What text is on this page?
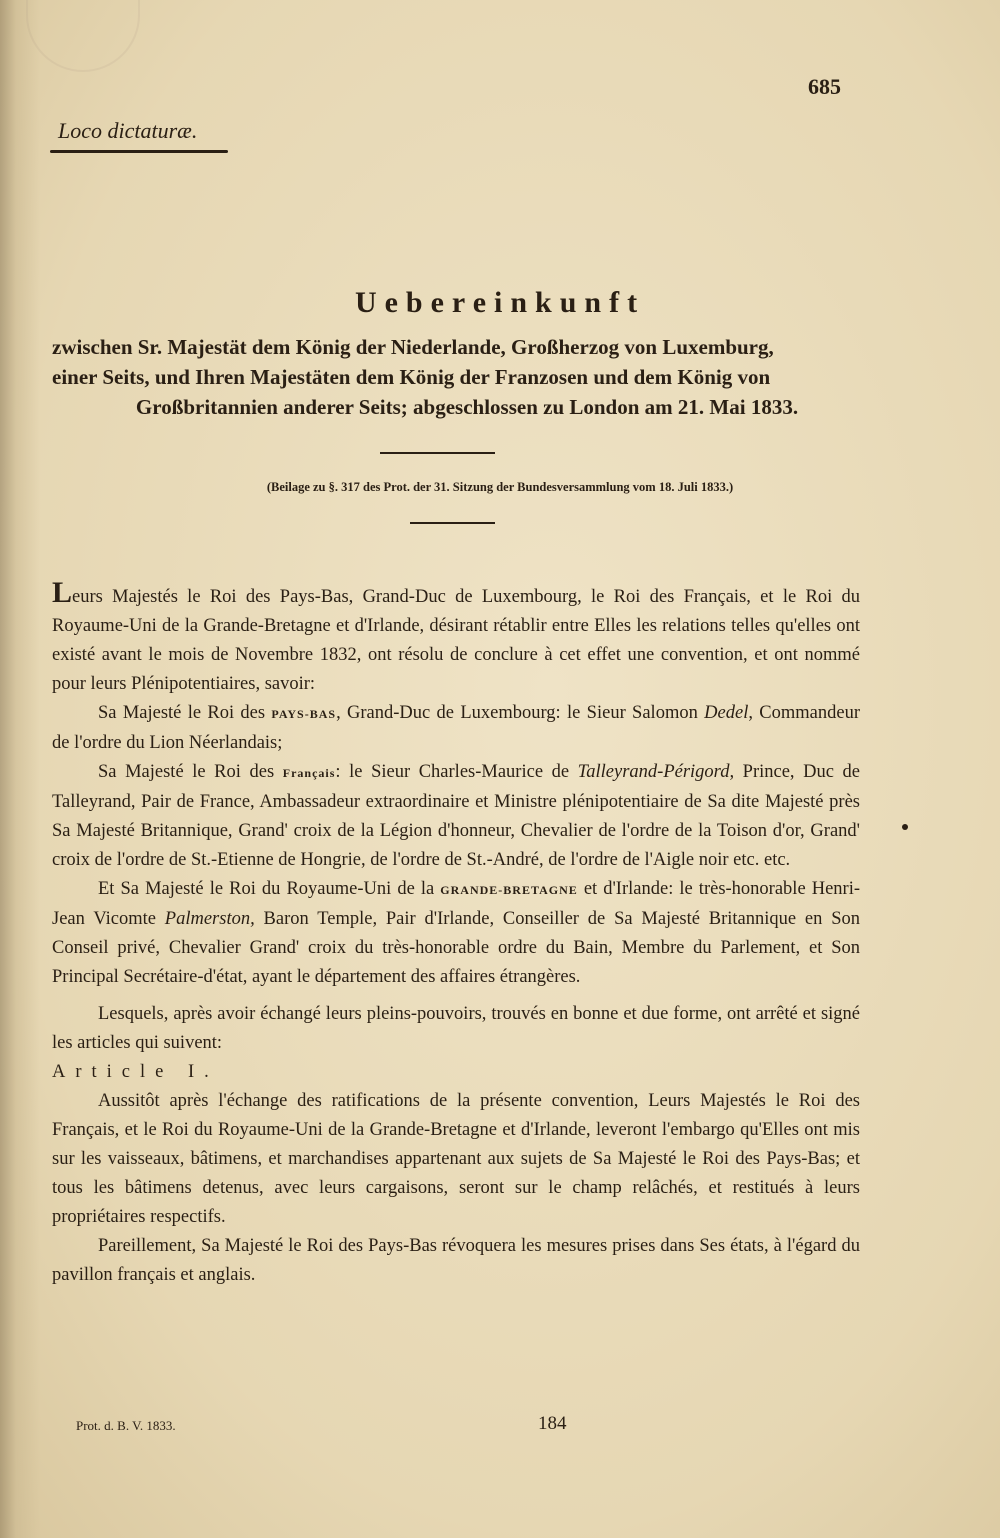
685
Loco dictaturæ.
Uebereinkunft
zwischen Sr. Majestät dem König der Niederlande, Großherzog von Luxemburg,
einer Seits, und Ihren Majestäten dem König der Franzosen und dem König von
Großbritannien anderer Seits; abgeschlossen zu London am 21. Mai 1833.
(Beilage zu §. 317 des Prot. der 31. Sitzung der Bundesversammlung vom 18. Juli 1833.)

Leurs Majestés le Roi des Pays-Bas, Grand-Duc de Luxembourg, le Roi des Français, et le Roi du Royaume-Uni de la Grande-Bretagne et d'Irlande, désirant rétablir entre Elles les relations telles qu'elles ont existé avant le mois de Novembre 1832, ont résolu de conclure à cet effet une convention, et ont nommé pour leurs Plénipotentiaires, savoir:

Sa Majesté le Roi des PAYS-BAS, Grand-Duc de Luxembourg: le Sieur Salomon Dedel, Commandeur de l'ordre du Lion Néerlandais;

Sa Majesté le Roi des Français: le Sieur Charles-Maurice de Talleyrand-Périgord, Prince, Duc de Talleyrand, Pair de France, Ambassadeur extraordinaire et Ministre plénipotentiaire de Sa dite Majesté près Sa Majesté Britannique, Grand' croix de la Légion d'honneur, Chevalier de l'ordre de la Toison d'or, Grand' croix de l'ordre de St.-Etienne de Hongrie, de l'ordre de St.-André, de l'ordre de l'Aigle noir etc. etc.

Et Sa Majesté le Roi du Royaume-Uni de la GRANDE-BRETAGNE et d'Irlande: le très-honorable Henri-Jean Vicomte Palmerston, Baron Temple, Pair d'Irlande, Conseiller de Sa Majesté Britannique en Son Conseil privé, Chevalier Grand' croix du très-honorable ordre du Bain, Membre du Parlement, et Son Principal Secrétaire-d'état, ayant le département des affaires étrangères.

Lesquels, après avoir échangé leurs pleins-pouvoirs, trouvés en bonne et due forme, ont arrêté et signé les articles qui suivent:

Article I.

Aussitôt après l'échange des ratifications de la présente convention, Leurs Majestés le Roi des Français, et le Roi du Royaume-Uni de la Grande-Bretagne et d'Irlande, leveront l'embargo qu'Elles ont mis sur les vaisseaux, bâtimens, et marchandises appartenant aux sujets de Sa Majesté le Roi des Pays-Bas; et tous les bâtimens detenus, avec leurs cargaisons, seront sur le champ relâchés, et restitués à leurs propriétaires respectifs.

Pareillement, Sa Majesté le Roi des Pays-Bas révoquera les mesures prises dans Ses états, à l'égard du pavillon français et anglais.

Prot. d. B. V. 1833.	184
